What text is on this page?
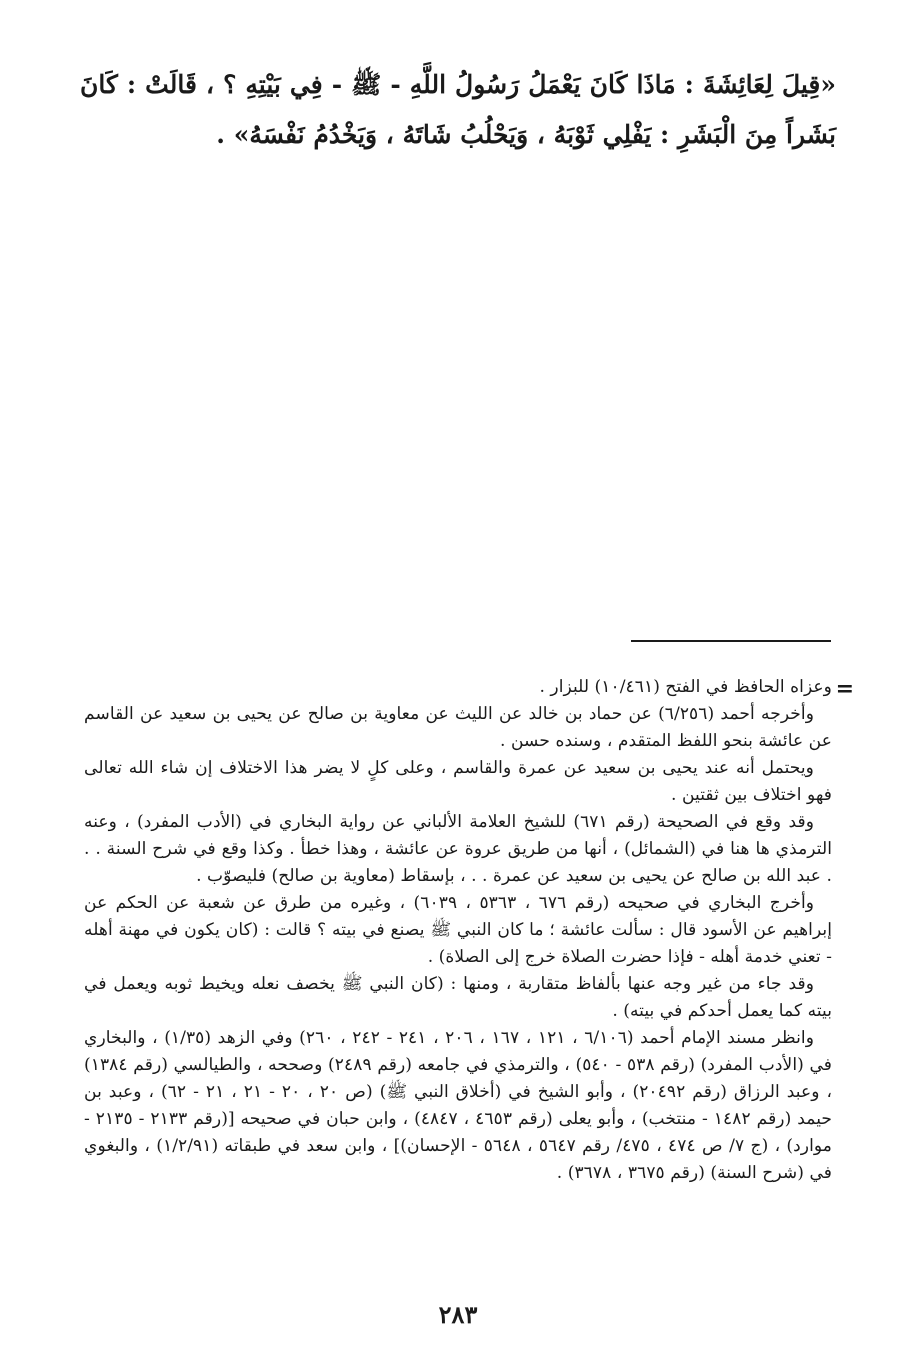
«قِيلَ لِعَائِشَةَ : مَاذَا كَانَ يَعْمَلُ رَسُولُ اللَّهِ - ﷺ - فِي بَيْتِهِ ؟ ، قَالَتْ : كَانَ بَشَراً مِنَ الْبَشَرِ : يَفْلِي ثَوْبَهُ ، وَيَحْلُبُ شَاتَهُ ، وَيَخْدُمُ نَفْسَهُ» .

=

وعزاه الحافظ في الفتح (١٠/٤٦١) للبزار .

وأخرجه أحمد (٦/٢٥٦) عن حماد بن خالد عن الليث عن معاوية بن صالح عن يحيى بن سعيد عن القاسم عن عائشة بنحو اللفظ المتقدم ، وسنده حسن .

ويحتمل أنه عند يحيى بن سعيد عن عمرة والقاسم ، وعلى كلٍ لا يضر هذا الاختلاف إن شاء الله تعالى فهو اختلاف بين ثقتين .

وقد وقع في الصحيحة (رقم ٦٧١) للشيخ العلامة الألباني عن رواية البخاري في (الأدب المفرد) ، وعنه الترمذي ها هنا في (الشمائل) ، أنها من طريق عروة عن عائشة ، وهذا خطأ . وكذا وقع في شرح السنة . . . عبد الله بن صالح عن يحيى بن سعيد عن عمرة . . ، بإسقاط (معاوية بن صالح) فليصوّب .

وأخرج البخاري في صحيحه (رقم ٦٧٦ ، ٥٣٦٣ ، ٦٠٣٩) ، وغيره من طرق عن شعبة عن الحكم عن إبراهيم عن الأسود قال : سألت عائشة ؛ ما كان النبي ﷺ يصنع في بيته ؟ قالت : (كان يكون في مهنة أهله - تعني خدمة أهله - فإذا حضرت الصلاة خرج إلى الصلاة) .

وقد جاء من غير وجه عنها بألفاظ متقاربة ، ومنها : (كان النبي ﷺ يخصف نعله ويخيط ثوبه ويعمل في بيته كما يعمل أحدكم في بيته) .

وانظر مسند الإمام أحمد (٦/١٠٦ ، ١٢١ ، ١٦٧ ، ٢٠٦ ، ٢٤١ - ٢٤٢ ، ٢٦٠) وفي الزهد (١/٣٥) ، والبخاري في (الأدب المفرد) (رقم ٥٣٨ - ٥٤٠) ، والترمذي في جامعه (رقم ٢٤٨٩) وصححه ، والطيالسي (رقم ١٣٨٤) ، وعبد الرزاق (رقم ٢٠٤٩٢) ، وأبو الشيخ في (أخلاق النبي ﷺ) (ص ٢٠ ، ٢٠ - ٢١ ، ٢١ - ٦٢) ، وعبد بن حيمد (رقم ١٤٨٢ - منتخب) ، وأبو يعلى (رقم ٤٦٥٣ ، ٤٨٤٧) ، وابن حبان في صحيحه [(رقم ٢١٣٣ - ٢١٣٥ - موارد) ، (ج ٧/ ص ٤٧٤ ، ٤٧٥/ رقم ٥٦٤٧ ، ٥٦٤٨ - الإحسان)] ، وابن سعد في طبقاته (١/٢/٩١) ، والبغوي في (شرح السنة) (رقم ٣٦٧٥ ، ٣٦٧٨) .

٢٨٣
